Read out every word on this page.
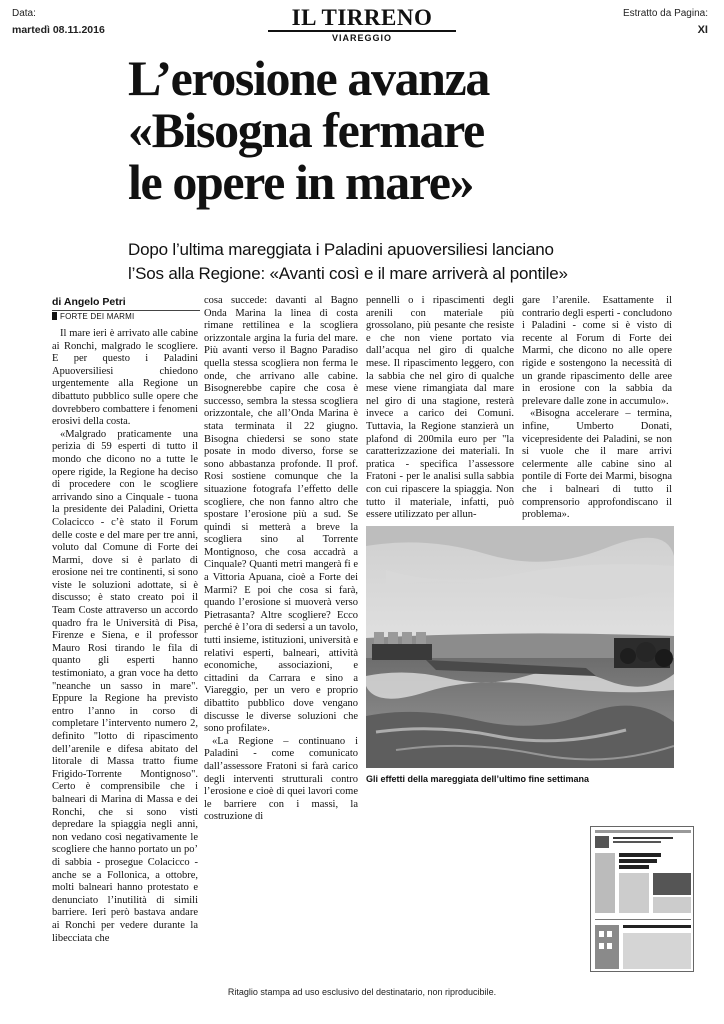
Data:
martedì 08.11.2016	IL TIRRENO
VIAREGGIO
Estratto da Pagina:
XI
L’erosione avanza
«Bisogna fermare
le opere in mare»
Dopo l’ultima mareggiata i Paladini apuoversiliesi lanciano
l’Sos alla Regione: «Avanti così e il mare arriverà al pontile»
di Angelo Petri
FORTE DEI MARMI

Il mare ieri è arrivato alle cabine ai Ronchi, malgrado le scogliere. E per questo i Paladini Apuoversiliesi chiedono urgentemente alla Regione un dibattuto pubblico sulle opere che dovrebbero combattere i fenomeni erosivi della costa.

«Malgrado praticamente una perizia di 59 esperti di tutto il mondo che dicono no a tutte le opere rigide, la Regione ha deciso di procedere con le scogliere arrivando sino a Cinquale - tuona la presidente dei Paladini, Orietta Colacicco - c’è stato il Forum delle coste e del mare per tre anni, voluto dal Comune di Forte dei Marmi, dove si è parlato di erosione nei tre continenti, si sono viste le soluzioni adottate, si è discusso; è stato creato poi il Team Coste attraverso un accordo quadro fra le Università di Pisa, Firenze e Siena, e il professor Mauro Rosi tirando le fila di quanto gli esperti hanno testimoniato, a gran voce ha detto "neanche un sasso in mare". Eppure la Regione ha previsto entro l’anno in corso di completare l’intervento numero 2, definito "lotto di ripascimento dell’arenile e difesa abitato del litorale di Massa tratto fiume Frigido-Torrente Montignoso". Certo è comprensibile che i balneari di Marina di Massa e dei Ronchi, che si sono visti depredare la spiaggia negli anni, non vedano così negativamente le scogliere che hanno portato un po’ di sabbia - prosegue Colacicco - anche se a Follonica, a ottobre, molti balneari hanno protestato e denunciato l’inutilità di simili barriere. Ieri però bastava andare ai Ronchi per vedere durante la libecciata che

cosa succede: davanti al Bagno Onda Marina la linea di costa rimane rettilinea e la scogliera orizzontale argina la furia del mare. Più avanti verso il Bagno Paradiso quella stessa scogliera non ferma le onde, che arrivano alle cabine. Bisognerebbe capire che cosa è successo, sembra la stessa scogliera orizzontale, che all’Onda Marina è stata terminata il 22 giugno. Bisogna chiedersi se sono state posate in modo diverso, forse se sono abbastanza profonde. Il prof. Rosi sostiene comunque che la situazione fotografa l’effetto delle scogliere, che non fanno altro che spostare l’erosione più a sud. Se quindi si metterà a breve la scogliera sino al Torrente Montignoso, che cosa accadrà a Cinquale? Quanti metri mangerà fi e a Vittoria Apuana, cioè a Forte dei Marmi? E poi che cosa si farà, quando l’erosione si muoverà verso Pietrasanta? Altre scogliere? Ecco perché è l’ora di sedersi a un tavolo, tutti insieme, istituzioni, università e relativi esperti, balneari, attività economiche, associazioni, e cittadini da Carrara e sino a Viareggio, per un vero e proprio dibattito pubblico dove vengano discusse le diverse soluzioni che sono profilate».

«La Regione – continuano i Paladini - come comunicato dall’assessore Fratoni si farà carico degli interventi strutturali contro l’erosione e cioè di quei lavori come le barriere con i massi, la costruzione di

pennelli o i ripascimenti degli arenili con materiale più grossolano, più pesante che resiste e che non viene portato via dall’acqua nel giro di qualche mese. Il ripascimento leggero, con la sabbia che nel giro di qualche mese viene rimangiata dal mare nel giro di una stagione, resterà invece a carico dei Comuni. Tuttavia, la Regione stanzierà un plafond di 200mila euro per "la caratterizzazione dei materiali. In pratica - specifica l’assessore Fratoni - per le analisi sulla sabbia con cui ripascere la spiaggia. Non tutto il materiale, infatti, può essere utilizzato per allun-

gare l’arenile. Esattamente il contrario degli esperti - concludono i Paladini - come si è visto di recente al Forum di Forte dei Marmi, che dicono no alle opere rigide e sostengono la necessità di un grande ripascimento delle aree in erosione con la sabbia da prelevare dalle zone in accumulo».

«Bisogna accelerare – termina, infine, Umberto Donati, vicepresidente dei Paladini, se non si vuole che il mare arrivi celermente alle cabine sino al pontile di Forte dei Marmi, bisogna che i balneari di tutto il comprensorio approfondiscano il problema».

Gli effetti della mareggiata dell’ultimo fine settimana
Ritaglio stampa ad uso esclusivo del destinatario, non riproducibile.
